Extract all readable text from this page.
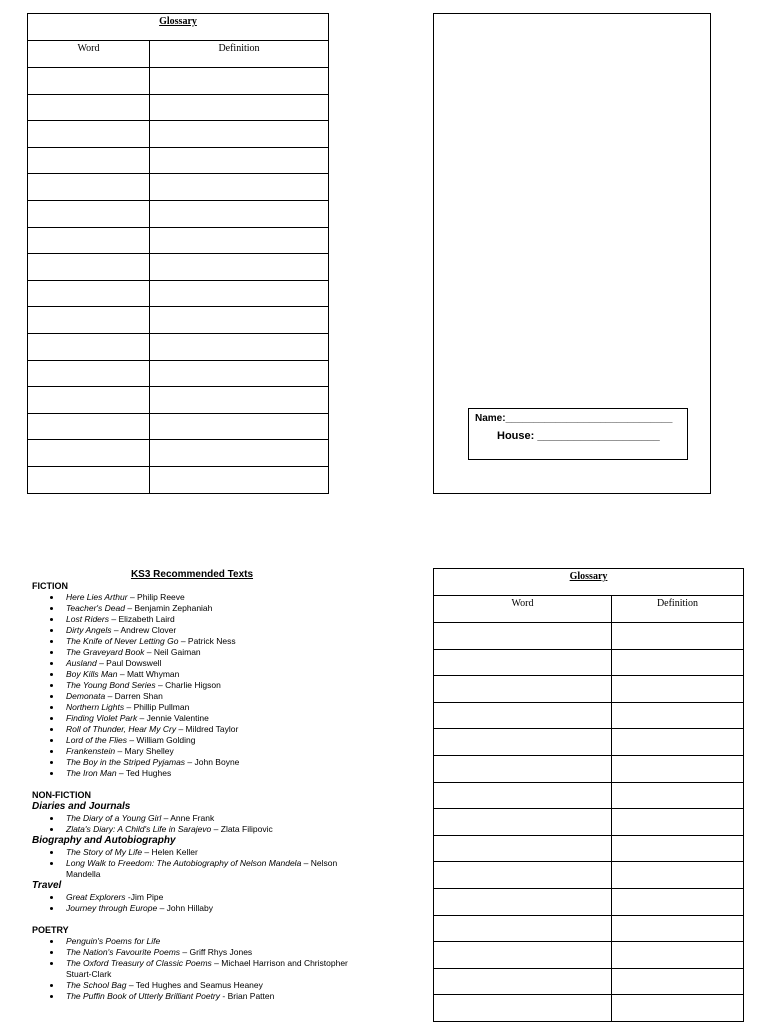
Glossary	
Word	Definition

Name:______________________________
House: ____________________
KS3 Recommended Texts
FICTION
Here Lies Arthur – Philip Reeve
Teacher's Dead – Benjamin Zephaniah
Lost Riders – Elizabeth Laird
Dirty Angels – Andrew Clover
The Knife of Never Letting Go – Patrick Ness
The Graveyard Book – Neil Gaiman
Ausland – Paul Dowswell
Boy Kills Man – Matt Whyman
The Young Bond Series – Charlie Higson
Demonata – Darren Shan
Northern Lights – Phillip Pullman
Finding Violet Park – Jennie Valentine
Roll of Thunder, Hear My Cry – Mildred Taylor
Lord of the Flies – William Golding
Frankenstein – Mary Shelley
The Boy in the Striped Pyjamas – John Boyne
The Iron Man – Ted Hughes
NON-FICTION
Diaries and Journals
The Diary of a Young Girl – Anne Frank
Zlata's Diary: A Child's Life in Sarajevo – Zlata Filipovic
Biography and Autobiography
The Story of My Life – Helen Keller
Long Walk to Freedom: The Autobiography of Nelson Mandela – Nelson Mandella
Travel
Great Explorers -Jim Pipe
Journey through Europe – John Hillaby
POETRY
Penguin's Poems for Life
The Nation's Favourite Poems – Griff Rhys Jones
The Oxford Treasury of Classic Poems – Michael Harrison and Christopher Stuart-Clark
The School Bag – Ted Hughes and Seamus Heaney
The Puffin Book of Utterly Brilliant Poetry - Brian Patten
Glossary	
Word	Definition
